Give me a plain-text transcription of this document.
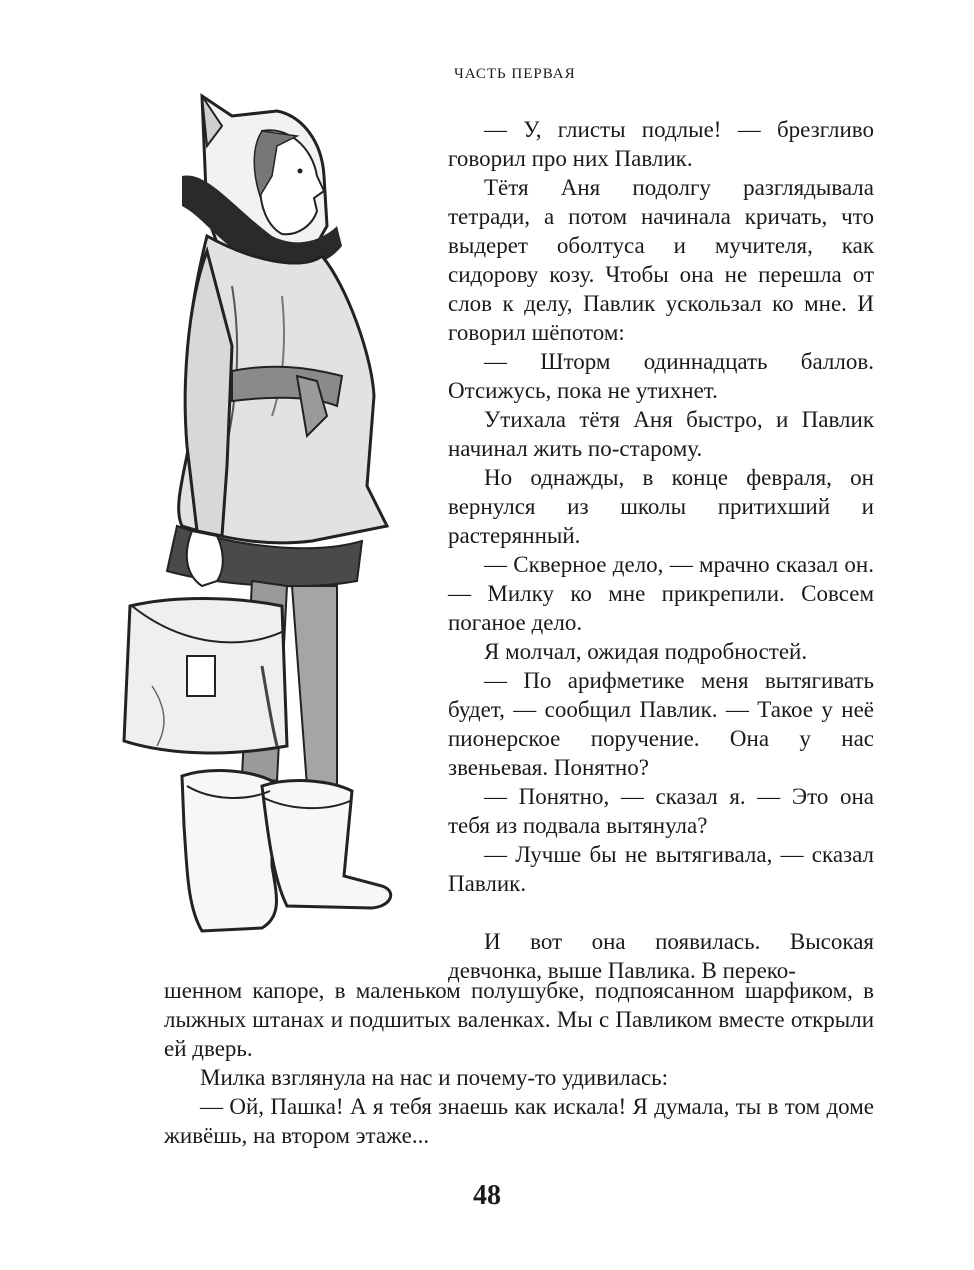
ЧАСТЬ ПЕРВАЯ
— У, глисты подлые! — брезгливо говорил про них Павлик.
Тётя Аня подолгу разглядывала тетради, а потом начинала кричать, что выдерет оболтуса и мучителя, как сидорову козу. Чтобы она не перешла от слов к делу, Павлик ускользал ко мне. И говорил шёпотом:
— Шторм одиннадцать баллов. Отсижусь, пока не утихнет.
Утихала тётя Аня быстро, и Павлик начинал жить по-старому.
Но однажды, в конце февраля, он вернулся из школы притихший и растерянный.
— Скверное дело, — мрачно сказал он. — Милку ко мне прикрепили. Совсем поганое дело.
Я молчал, ожидая подробностей.
— По арифметике меня вытягивать будет, — сообщил Павлик. — Такое у неё пионерское поручение. Она у нас звеньевая. Понятно?
— Понятно, — сказал я. — Это она тебя из подвала вытянула?
— Лучше бы не вытягивала, — сказал Павлик.
И вот она появилась. Высокая девчонка, выше Павлика. В переко-
шенном капоре, в маленьком полушубке, подпоясанном шарфиком, в лыжных штанах и подшитых валенках. Мы с Павликом вместе открыли ей дверь.
Милка взглянула на нас и почему-то удивилась:
— Ой, Пашка! А я тебя знаешь как искала! Я думала, ты в том доме живёшь, на втором этаже...
48
